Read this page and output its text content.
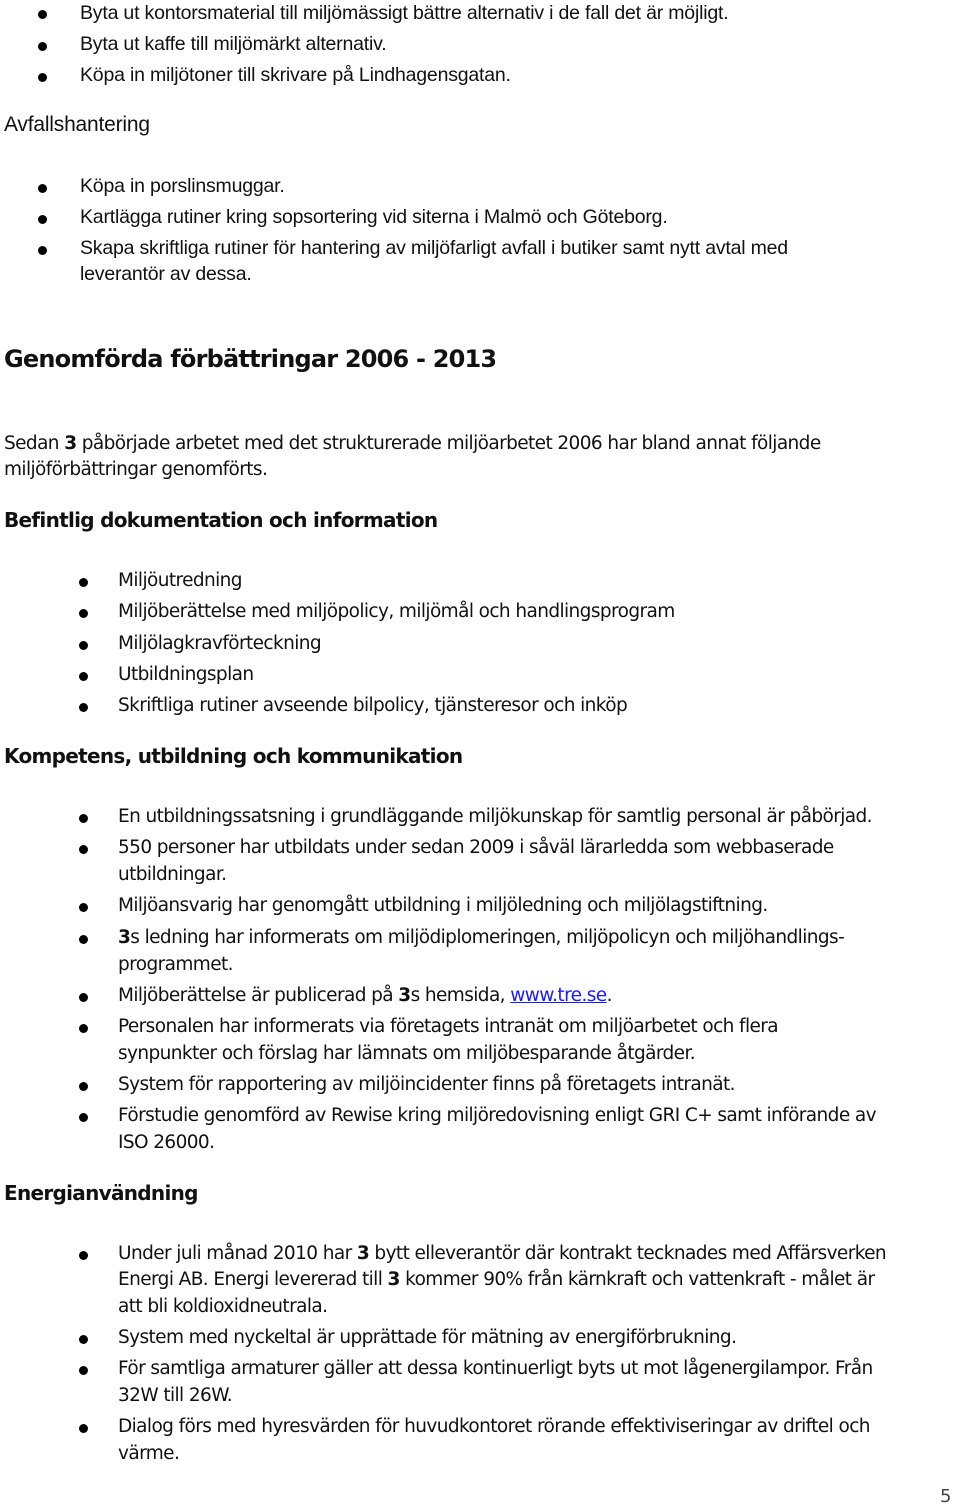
Byta ut kontorsmaterial till miljömässigt bättre alternativ i de fall det är möjligt.
Byta ut kaffe till miljömärkt alternativ.
Köpa in miljötoner till skrivare på Lindhagensgatan.
Avfallshantering
Köpa in porslinsmuggar.
Kartlägga rutiner kring sopsortering vid siterna i Malmö och Göteborg.
Skapa skriftliga rutiner för hantering av miljöfarligt avfall i butiker samt nytt avtal med
leverantör av dessa.
Genomförda förbättringar 2006 - 2013
Sedan 3 påbörjade arbetet med det strukturerade miljöarbetet 2006 har bland annat följande
miljöförbättringar genomförts.
Befintlig dokumentation och information
Miljöutredning
Miljöberättelse med miljöpolicy, miljömål och handlingsprogram
Miljölagkravförteckning
Utbildningsplan
Skriftliga rutiner avseende bilpolicy, tjänsteresor och inköp
Kompetens, utbildning och kommunikation
En utbildningssatsning i grundläggande miljökunskap för samtlig personal är påbörjad.
550 personer har utbildats under sedan 2009 i såväl lärarledda som webbaserade
utbildningar.
Miljöansvarig har genomgått utbildning i miljöledning och miljölagstiftning.
3s ledning har informerats om miljödiplomeringen, miljöpolicyn och miljöhandlings-
programmet.
Miljöberättelse är publicerad på 3s hemsida, www.tre.se.
Personalen har informerats via företagets intranät om miljöarbetet och flera
synpunkter och förslag har lämnats om miljöbesparande åtgärder.
System för rapportering av miljöincidenter finns på företagets intranät.
Förstudie genomförd av Rewise kring miljöredovisning enligt GRI C+ samt införande av
ISO 26000.
Energianvändning
Under juli månad 2010 har 3 bytt elleverantör där kontrakt tecknades med Affärsverken
Energi AB. Energi levererad till 3 kommer 90% från kärnkraft och vattenkraft - målet är
att bli koldioxidneutrala.
System med nyckeltal är upprättade för mätning av energiförbrukning.
För samtliga armaturer gäller att dessa kontinuerligt byts ut mot lågenergilampor. Från
32W till 26W.
Dialog förs med hyresvärden för huvudkontoret rörande effektiviseringar av driftel och
värme.
5
